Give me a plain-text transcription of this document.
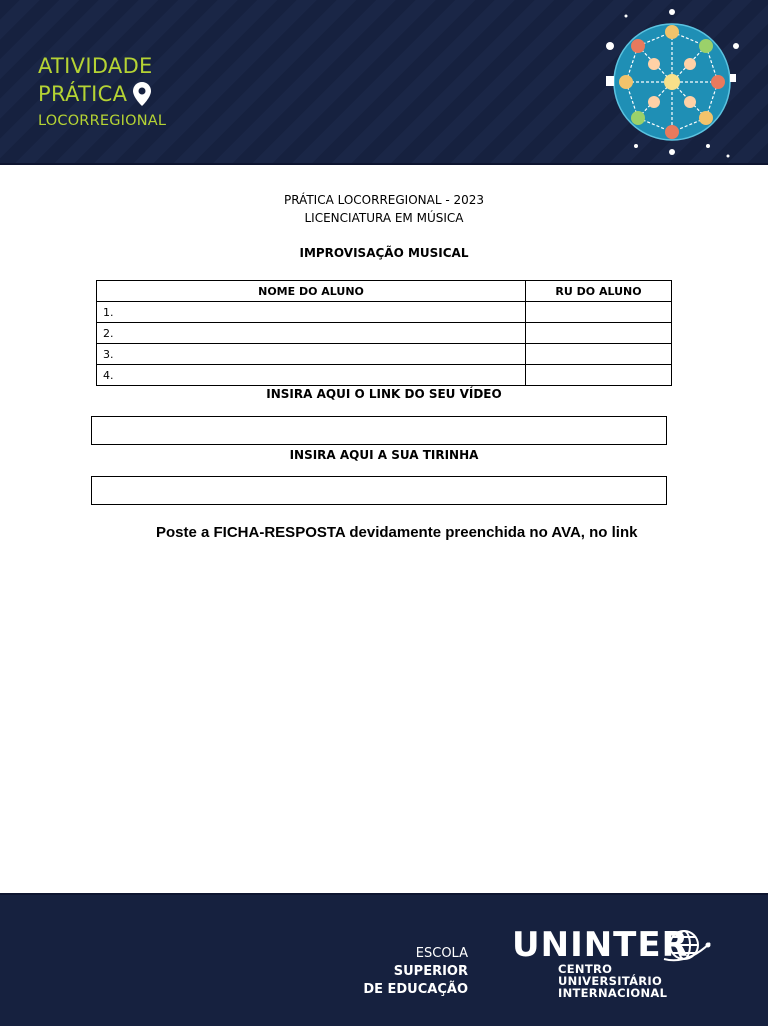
ATIVIDADE
PRÁTICA
LOCORREGIONAL
PRÁTICA LOCORREGIONAL - 2023
LICENCIATURA EM MÚSICA
IMPROVISAÇÃO MUSICAL
NOME DO ALUNO	RU DO ALUNO
1.	
2.	
3.	
4.	
INSIRA AQUI O LINK DO SEU VÍDEO
INSIRA AQUI A SUA TIRINHA
Poste a FICHA-RESPOSTA devidamente preenchida no AVA, no link
ESCOLA SUPERIOR
DE EDUCAÇÃO
UNINTER
CENTRO
UNIVERSITÁRIO
INTERNACIONAL
